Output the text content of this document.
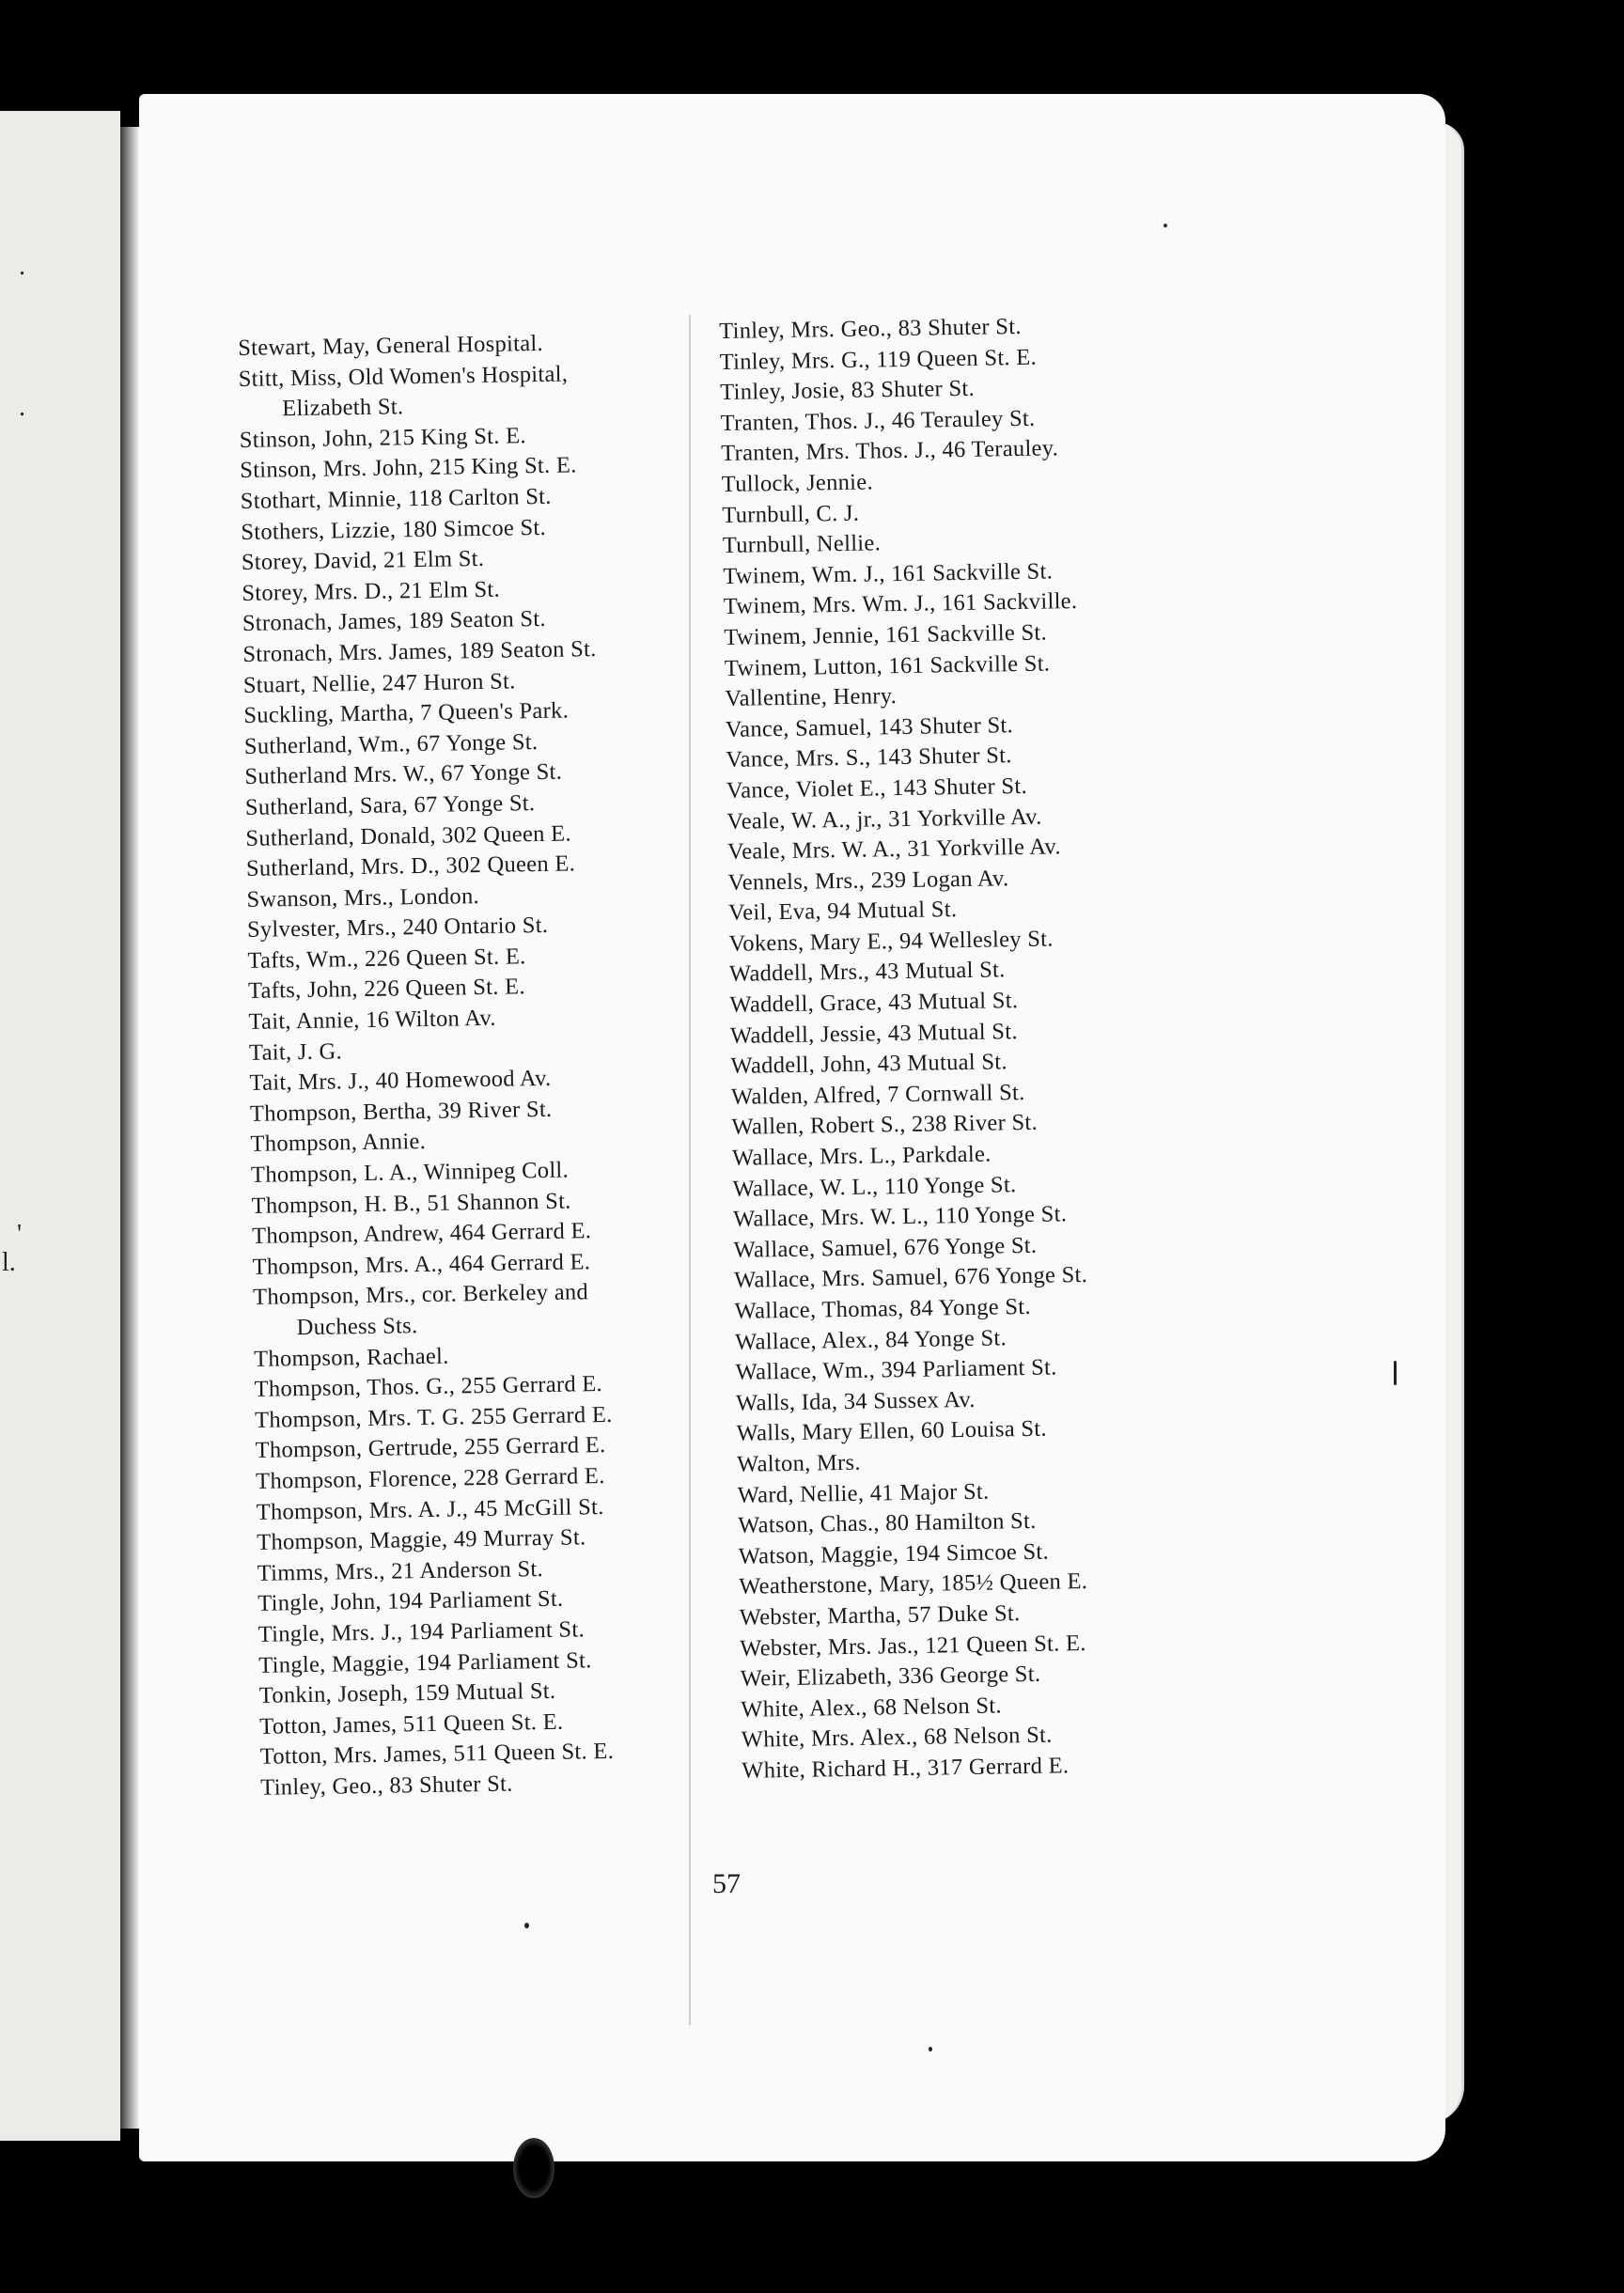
.
.
'
l.
Stewart, May, General Hospital.
Stitt, Miss, Old Women's Hospital,
Elizabeth St.
Stinson, John, 215 King St. E.
Stinson, Mrs. John, 215 King St. E.
Stothart, Minnie, 118 Carlton St.
Stothers, Lizzie, 180 Simcoe St.
Storey, David, 21 Elm St.
Storey, Mrs. D., 21 Elm St.
Stronach, James, 189 Seaton St.
Stronach, Mrs. James, 189 Seaton St.
Stuart, Nellie, 247 Huron St.
Suckling, Martha, 7 Queen's Park.
Sutherland, Wm., 67 Yonge St.
Sutherland Mrs. W., 67 Yonge St.
Sutherland, Sara, 67 Yonge St.
Sutherland, Donald, 302 Queen E.
Sutherland, Mrs. D., 302 Queen E.
Swanson, Mrs., London.
Sylvester, Mrs., 240 Ontario St.
Tafts, Wm., 226 Queen St. E.
Tafts, John, 226 Queen St. E.
Tait, Annie, 16 Wilton Av.
Tait, J. G.
Tait, Mrs. J., 40 Homewood Av.
Thompson, Bertha, 39 River St.
Thompson, Annie.
Thompson, L. A., Winnipeg Coll.
Thompson, H. B., 51 Shannon St.
Thompson, Andrew, 464 Gerrard E.
Thompson, Mrs. A., 464 Gerrard E.
Thompson, Mrs., cor. Berkeley and
Duchess Sts.
Thompson, Rachael.
Thompson, Thos. G., 255 Gerrard E.
Thompson, Mrs. T. G. 255 Gerrard E.
Thompson, Gertrude, 255 Gerrard E.
Thompson, Florence, 228 Gerrard E.
Thompson, Mrs. A. J., 45 McGill St.
Thompson, Maggie, 49 Murray St.
Timms, Mrs., 21 Anderson St.
Tingle, John, 194 Parliament St.
Tingle, Mrs. J., 194 Parliament St.
Tingle, Maggie, 194 Parliament St.
Tonkin, Joseph, 159 Mutual St.
Totton, James, 511 Queen St. E.
Totton, Mrs. James, 511 Queen St. E.
Tinley, Geo., 83 Shuter St.
Tinley, Mrs. Geo., 83 Shuter St.
Tinley, Mrs. G., 119 Queen St. E.
Tinley, Josie, 83 Shuter St.
Tranten, Thos. J., 46 Terauley St.
Tranten, Mrs. Thos. J., 46 Terauley.
Tullock, Jennie.
Turnbull, C. J.
Turnbull, Nellie.
Twinem, Wm. J., 161 Sackville St.
Twinem, Mrs. Wm. J., 161 Sackville.
Twinem, Jennie, 161 Sackville St.
Twinem, Lutton, 161 Sackville St.
Vallentine, Henry.
Vance, Samuel, 143 Shuter St.
Vance, Mrs. S., 143 Shuter St.
Vance, Violet E., 143 Shuter St.
Veale, W. A., jr., 31 Yorkville Av.
Veale, Mrs. W. A., 31 Yorkville Av.
Vennels, Mrs., 239 Logan Av.
Veil, Eva, 94 Mutual St.
Vokens, Mary E., 94 Wellesley St.
Waddell, Mrs., 43 Mutual St.
Waddell, Grace, 43 Mutual St.
Waddell, Jessie, 43 Mutual St.
Waddell, John, 43 Mutual St.
Walden, Alfred, 7 Cornwall St.
Wallen, Robert S., 238 River St.
Wallace, Mrs. L., Parkdale.
Wallace, W. L., 110 Yonge St.
Wallace, Mrs. W. L., 110 Yonge St.
Wallace, Samuel, 676 Yonge St.
Wallace, Mrs. Samuel, 676 Yonge St.
Wallace, Thomas, 84 Yonge St.
Wallace, Alex., 84 Yonge St.
Wallace, Wm., 394 Parliament St.
Walls, Ida, 34 Sussex Av.
Walls, Mary Ellen, 60 Louisa St.
Walton, Mrs.
Ward, Nellie, 41 Major St.
Watson, Chas., 80 Hamilton St.
Watson, Maggie, 194 Simcoe St.
Weatherstone, Mary, 185½ Queen E.
Webster, Martha, 57 Duke St.
Webster, Mrs. Jas., 121 Queen St. E.
Weir, Elizabeth, 336 George St.
White, Alex., 68 Nelson St.
White, Mrs. Alex., 68 Nelson St.
White, Richard H., 317 Gerrard E.
57
